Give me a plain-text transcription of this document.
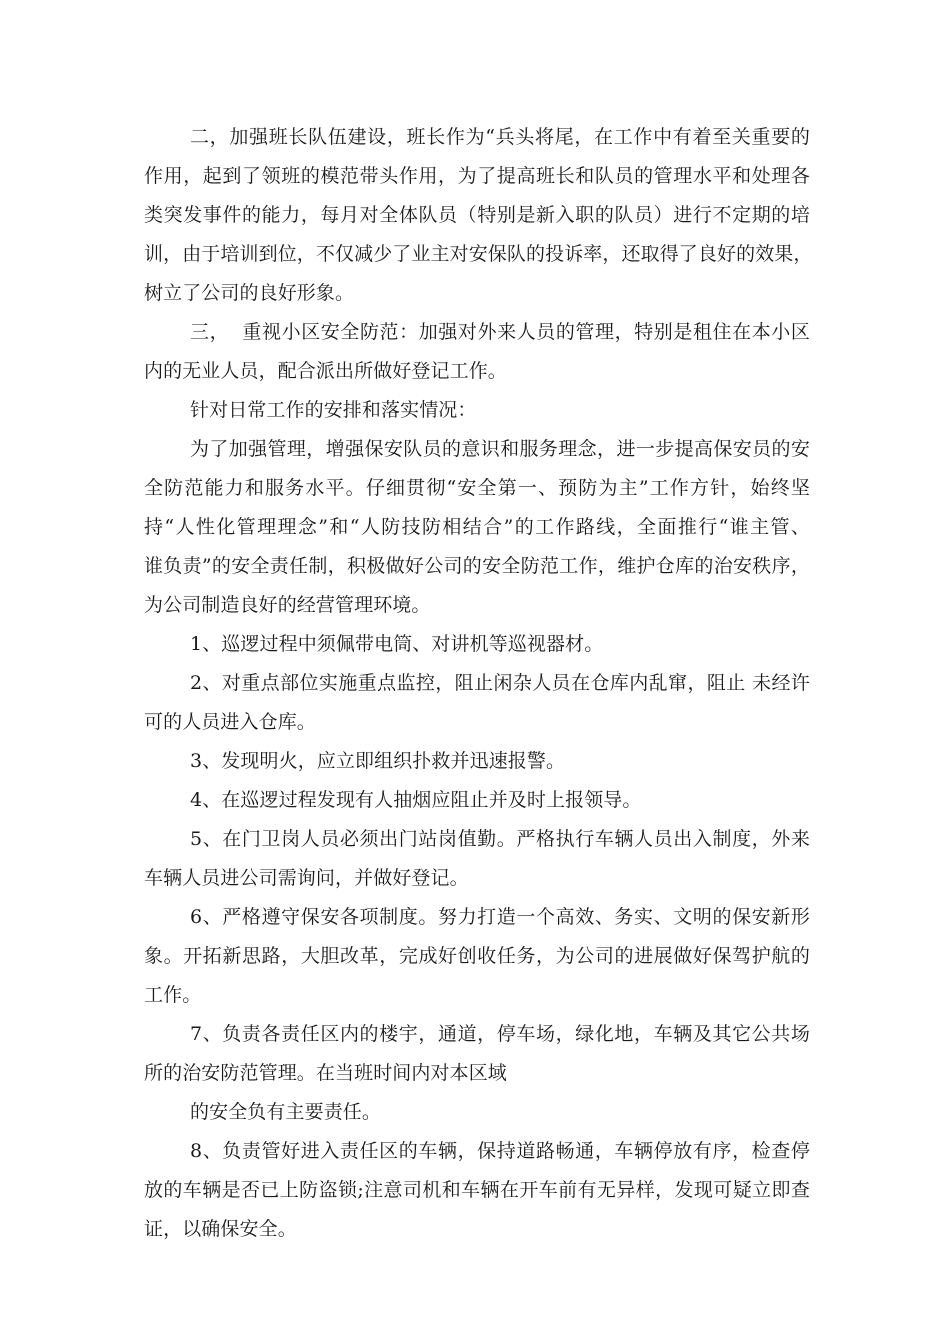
二，加强班长队伍建设，班长作为“兵头将尾，在工作中有着至关重要的
作用，起到了领班的模范带头作用，为了提高班长和队员的管理水平和处理各
类突发事件的能力，每月对全体队员（特别是新入职的队员）进行不定期的培
训，由于培训到位，不仅减少了业主对安保队的投诉率，还取得了良好的效果，
树立了公司的良好形象。
三，  重视小区安全防范：加强对外来人员的管理，特别是租住在本小区
内的无业人员，配合派出所做好登记工作。
针对日常工作的安排和落实情况：
为了加强管理，增强保安队员的意识和服务理念，进一步提高保安员的安
全防范能力和服务水平。仔细贯彻“安全第一、预防为主”工作方针，始终坚
持“人性化管理理念”和“人防技防相结合”的工作路线，全面推行“谁主管、
谁负责”的安全责任制，积极做好公司的安全防范工作，维护仓库的治安秩序，
为公司制造良好的经营管理环境。
1、巡逻过程中须佩带电筒、对讲机等巡视器材。
2、对重点部位实施重点监控，阻止闲杂人员在仓库内乱窜，阻止 未经许
可的人员进入仓库。
3、发现明火，应立即组织扑救并迅速报警。
4、在巡逻过程发现有人抽烟应阻止并及时上报领导。
5、在门卫岗人员必须出门站岗值勤。严格执行车辆人员出入制度，外来
车辆人员进公司需询问，并做好登记。
6、严格遵守保安各项制度。努力打造一个高效、务实、文明的保安新形
象。开拓新思路，大胆改革，完成好创收任务，为公司的进展做好保驾护航的
工作。
7、负责各责任区内的楼宇，通道，停车场，绿化地，车辆及其它公共场
所的治安防范管理。在当班时间内对本区域
的安全负有主要责任。
8、负责管好进入责任区的车辆，保持道路畅通，车辆停放有序，检查停
放的车辆是否已上防盗锁;注意司机和车辆在开车前有无异样，发现可疑立即查
证，以确保安全。
